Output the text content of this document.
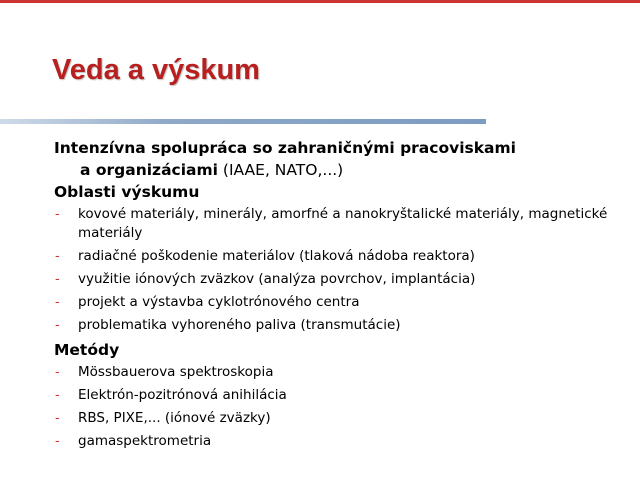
Veda a výskum
Intenzívna spolupráca so zahraničnými pracoviskami
a organizáciami (IAAE, NATO,...)
Oblasti výskumu
- kovové materiály, minerály, amorfné a nanokryštalické materiály, magnetické materiály
- radiačné poškodenie materiálov (tlaková nádoba reaktora)
- využitie iónových zväzkov (analýza povrchov, implantácia)
- projekt a výstavba cyklotrónového centra
- problematika vyhoreného paliva (transmutácie)
Metódy
- Mössbauerova spektroskopia
- Elektrón-pozitrónová anihilácia
- RBS, PIXE,... (iónové zväzky)
- gamaspektrometria
